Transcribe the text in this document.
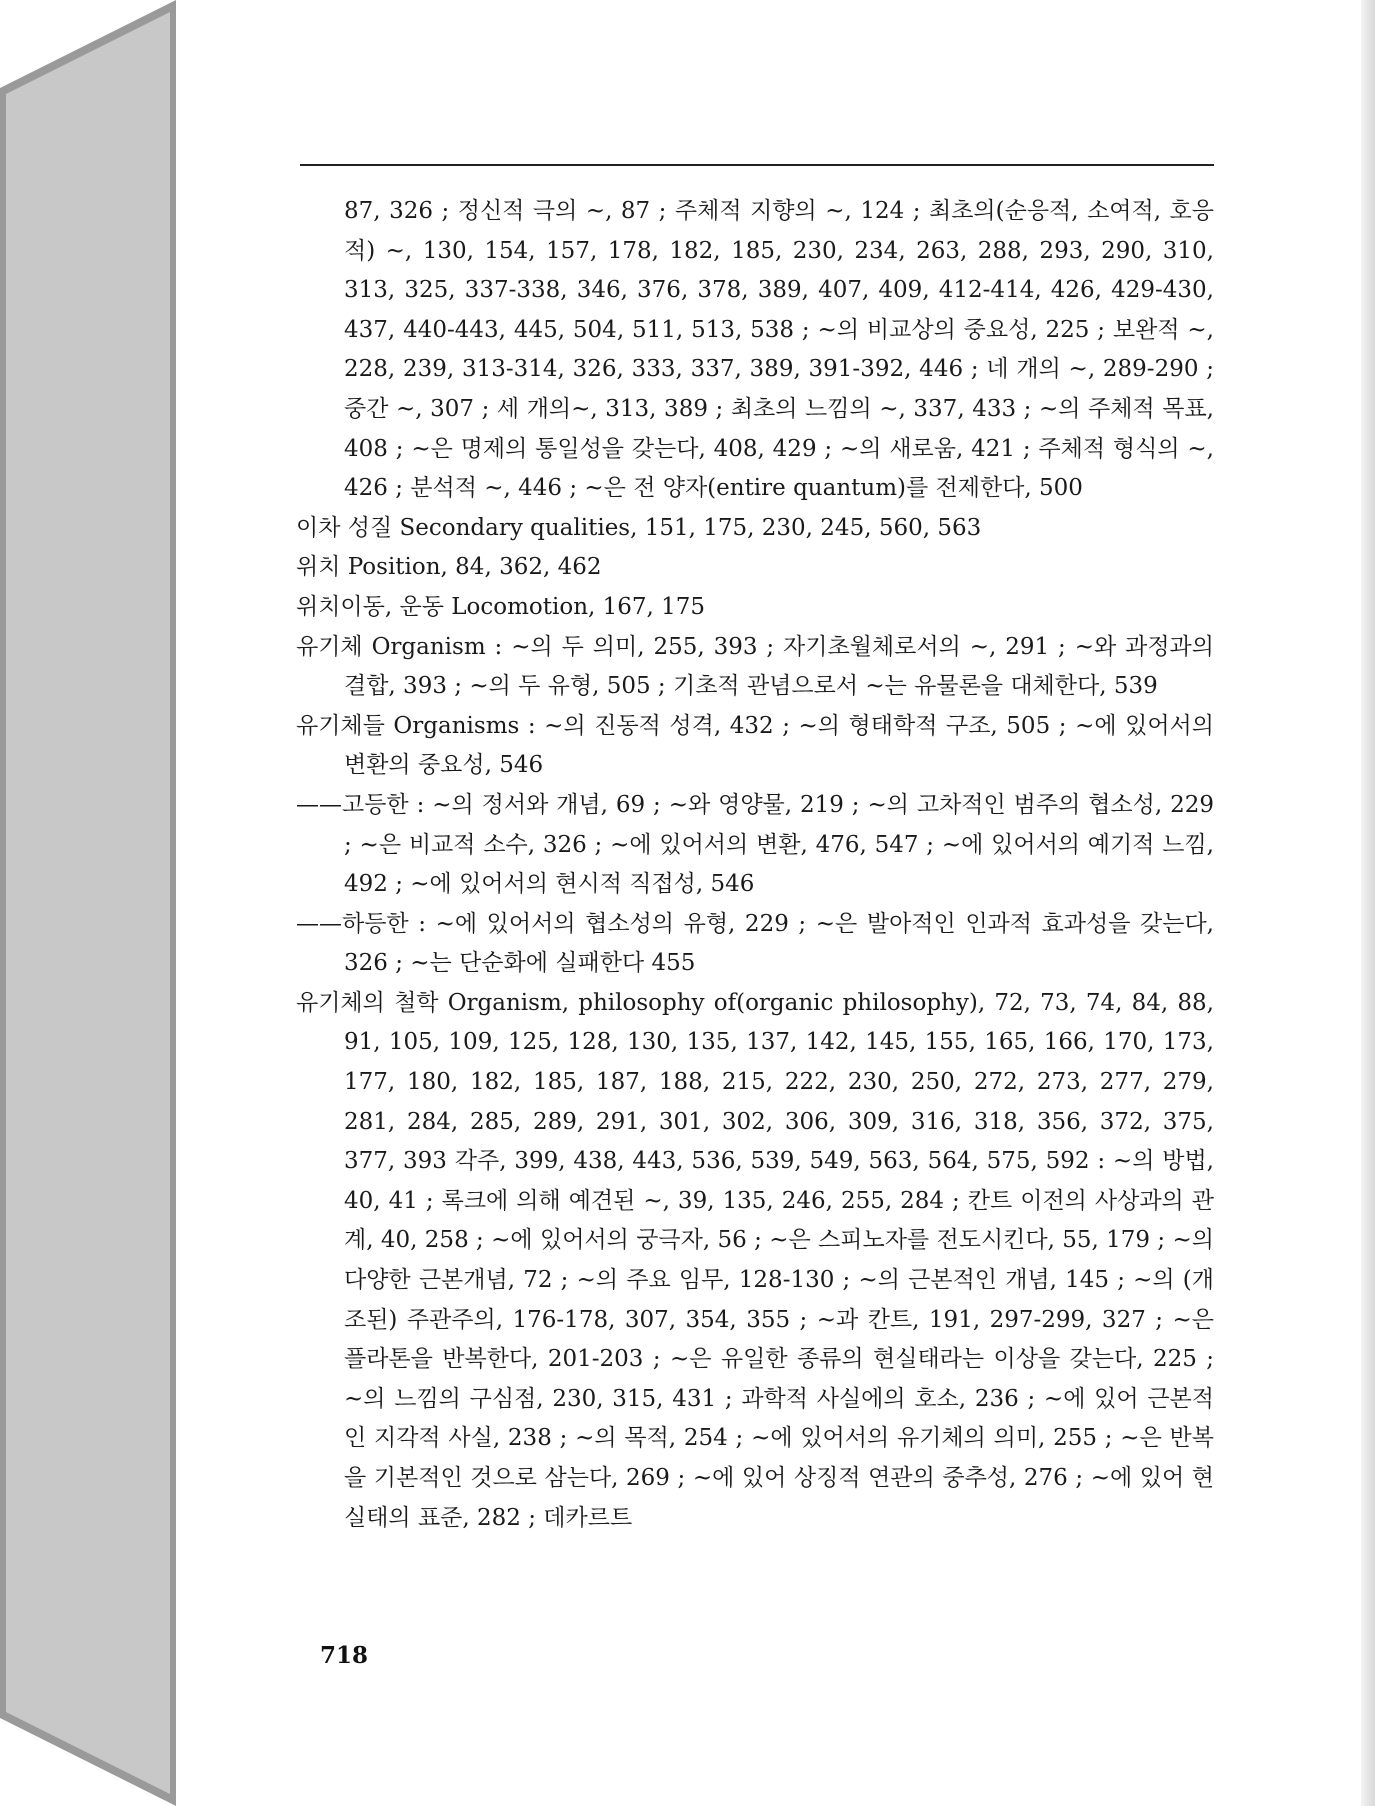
87, 326 ; 정신적 극의 ~, 87 ; 주체적 지향의 ~, 124 ; 최초의(순응적, 소여적, 호응적) ~, 130, 154, 157, 178, 182, 185, 230, 234, 263, 288, 293, 290, 310, 313, 325, 337-338, 346, 376, 378, 389, 407, 409, 412-414, 426, 429-430, 437, 440-443, 445, 504, 511, 513, 538 ; ~의 비교상의 중요성, 225 ; 보완적 ~, 228, 239, 313-314, 326, 333, 337, 389, 391-392, 446 ; 네 개의 ~, 289-290 ; 중간 ~, 307 ; 세 개의~, 313, 389 ; 최초의 느낌의 ~, 337, 433 ; ~의 주체적 목표, 408 ; ~은 명제의 통일성을 갖는다, 408, 429 ; ~의 새로움, 421 ; 주체적 형식의 ~, 426 ; 분석적 ~, 446 ; ~은 전 양자(entire quantum)를 전제한다, 500
이차 성질 Secondary qualities, 151, 175, 230, 245, 560, 563
위치 Position, 84, 362, 462
위치이동, 운동 Locomotion, 167, 175
유기체 Organism : ~의 두 의미, 255, 393 ; 자기초월체로서의 ~, 291 ; ~와 과정과의 결합, 393 ; ~의 두 유형, 505 ; 기초적 관념으로서 ~는 유물론을 대체한다, 539
유기체들 Organisms : ~의 진동적 성격, 432 ; ~의 형태학적 구조, 505 ; ~에 있어서의 변환의 중요성, 546
——고등한 : ~의 정서와 개념, 69 ; ~와 영양물, 219 ; ~의 고차적인 범주의 협소성, 229 ; ~은 비교적 소수, 326 ; ~에 있어서의 변환, 476, 547 ; ~에 있어서의 예기적 느낌, 492 ; ~에 있어서의 현시적 직접성, 546
——하등한 : ~에 있어서의 협소성의 유형, 229 ; ~은 발아적인 인과적 효과성을 갖는다, 326 ; ~는 단순화에 실패한다 455
유기체의 철학 Organism, philosophy of(organic philosophy), 72, 73, 74, 84, 88, 91, 105, 109, 125, 128, 130, 135, 137, 142, 145, 155, 165, 166, 170, 173, 177, 180, 182, 185, 187, 188, 215, 222, 230, 250, 272, 273, 277, 279, 281, 284, 285, 289, 291, 301, 302, 306, 309, 316, 318, 356, 372, 375, 377, 393 각주, 399, 438, 443, 536, 539, 549, 563, 564, 575, 592 : ~의 방법, 40, 41 ; 록크에 의해 예견된 ~, 39, 135, 246, 255, 284 ; 칸트 이전의 사상과의 관계, 40, 258 ; ~에 있어서의 궁극자, 56 ; ~은 스피노자를 전도시킨다, 55, 179 ; ~의 다양한 근본개념, 72 ; ~의 주요 임무, 128-130 ; ~의 근본적인 개념, 145 ; ~의 (개조된) 주관주의, 176-178, 307, 354, 355 ; ~과 칸트, 191, 297-299, 327 ; ~은 플라톤을 반복한다, 201-203 ; ~은 유일한 종류의 현실태라는 이상을 갖는다, 225 ; ~의 느낌의 구심점, 230, 315, 431 ; 과학적 사실에의 호소, 236 ; ~에 있어 근본적인 지각적 사실, 238 ; ~의 목적, 254 ; ~에 있어서의 유기체의 의미, 255 ; ~은 반복을 기본적인 것으로 삼는다, 269 ; ~에 있어 상징적 연관의 중추성, 276 ; ~에 있어 현실태의 표준, 282 ; 데카르트
718
